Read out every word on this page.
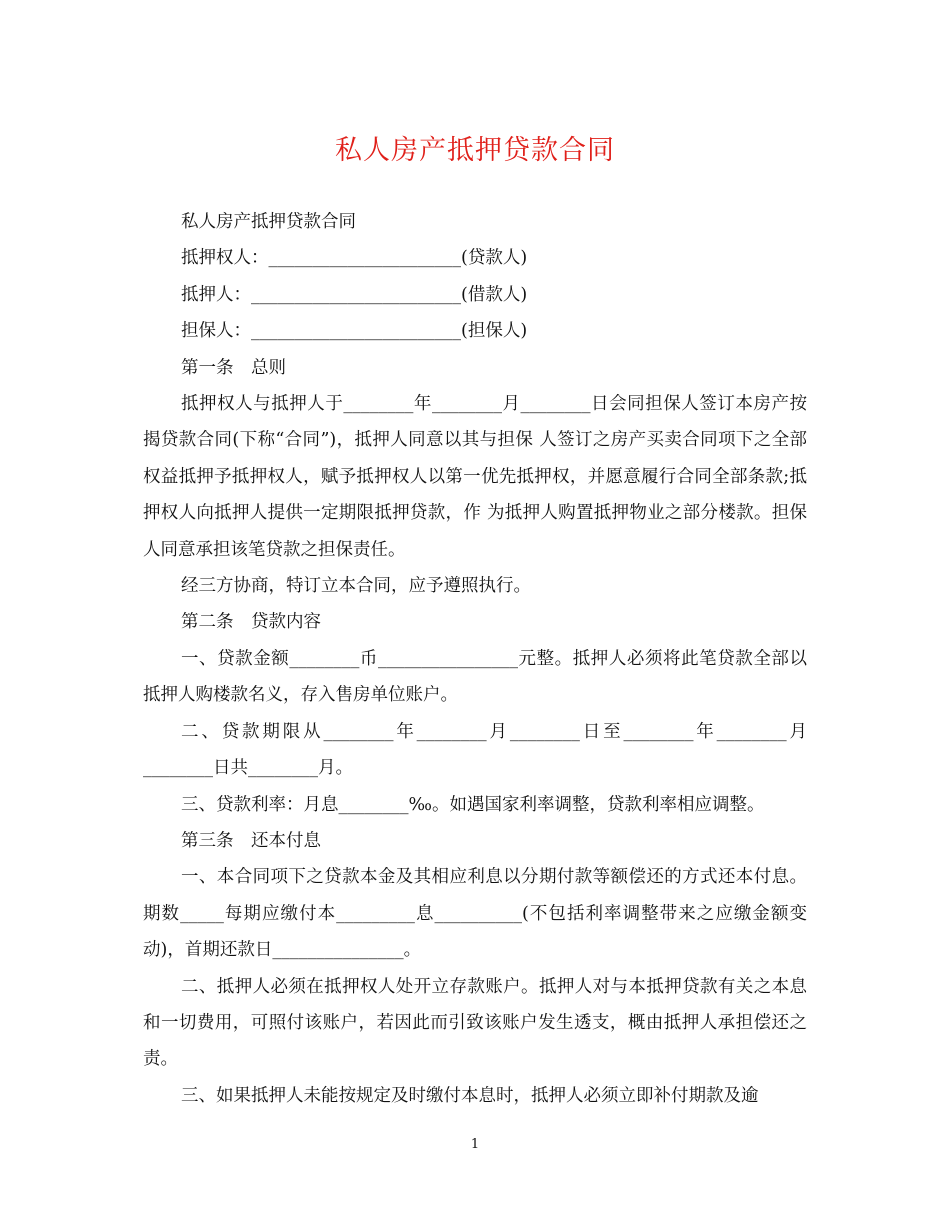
私人房产抵押贷款合同

私人房产抵押贷款合同

抵押权人：______________________(贷款人)

抵押人：________________________(借款人)

担保人：________________________(担保人)

第一条　总则

抵押权人与抵押人于________年________月________日会同担保人签订本房产按揭贷款合同(下称“合同”)，抵押人同意以其与担保 人签订之房产买卖合同项下之全部权益抵押予抵押权人，赋予抵押权人以第一优先抵押权，并愿意履行合同全部条款;抵押权人向抵押人提供一定期限抵押贷款，作 为抵押人购置抵押物业之部分楼款。担保人同意承担该笔贷款之担保责任。

经三方协商，特订立本合同，应予遵照执行。

第二条　贷款内容

一、贷款金额________币________________元整。抵押人必须将此笔贷款全部以抵押人购楼款名义，存入售房单位账户。

二、贷款期限从________年________月________日至________年________月________日共________月。

三、贷款利率：月息________‰。如遇国家利率调整，贷款利率相应调整。

第三条　还本付息

一、本合同项下之贷款本金及其相应利息以分期付款等额偿还的方式还本付息。期数_____每期应缴付本_________息__________(不包括利率调整带来之应缴金额变动)，首期还款日_______________。

二、抵押人必须在抵押权人处开立存款账户。抵押人对与本抵押贷款有关之本息和一切费用，可照付该账户，若因此而引致该账户发生透支，概由抵押人承担偿还之责。

三、如果抵押人未能按规定及时缴付本息时，抵押人必须立即补付期款及逾

1
